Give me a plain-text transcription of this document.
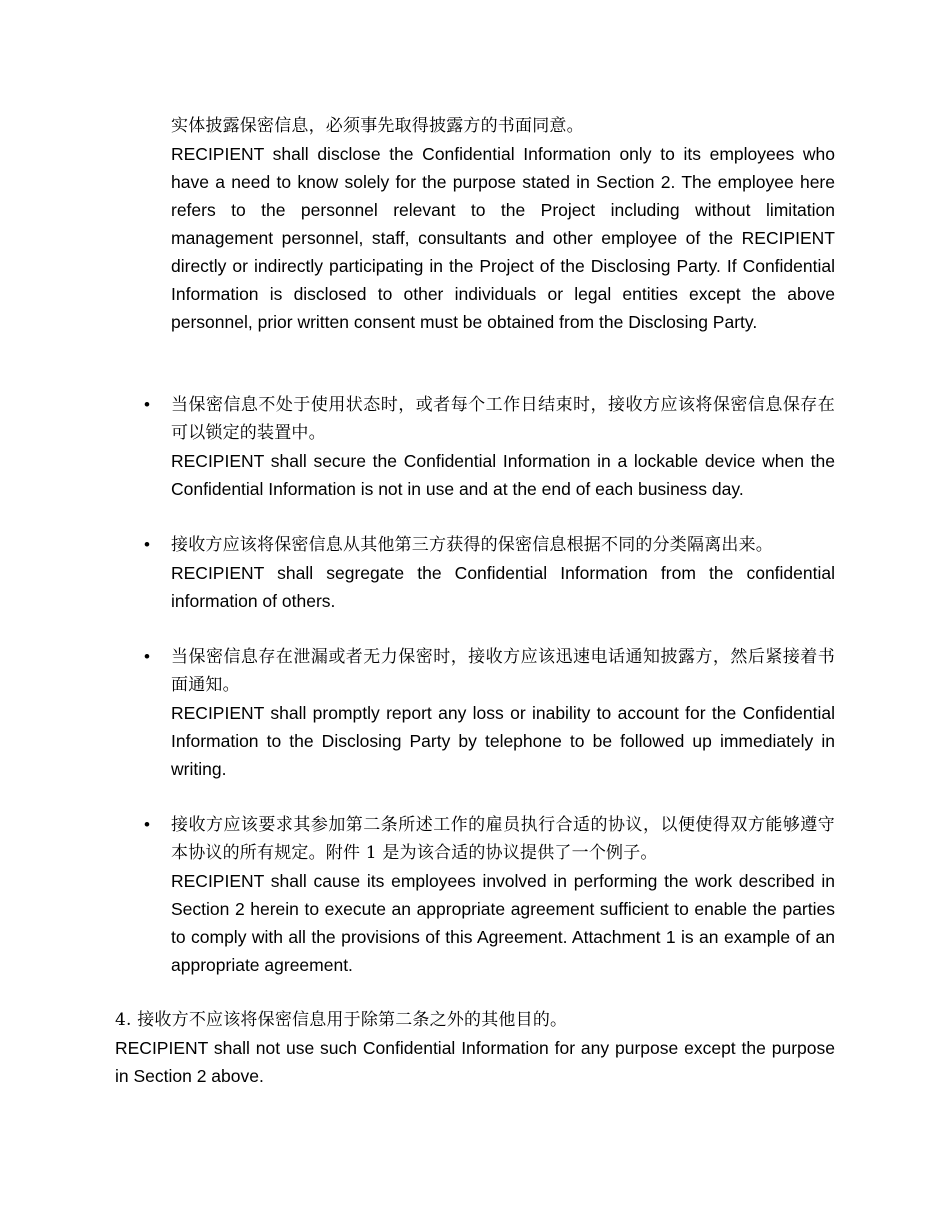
实体披露保密信息，必须事先取得披露方的书面同意。
RECIPIENT shall disclose the Confidential Information only to its employees who have a need to know solely for the purpose stated in Section 2. The employee here refers to the personnel relevant to the Project including without limitation management personnel, staff, consultants and other employee of the RECIPIENT directly or indirectly participating in the Project of the Disclosing Party. If Confidential Information is disclosed to other individuals or legal entities except the above personnel, prior written consent must be obtained from the Disclosing Party.
• 当保密信息不处于使用状态时，或者每个工作日结束时，接收方应该将保密信息保存在可以锁定的装置中。
RECIPIENT shall secure the Confidential Information in a lockable device when the Confidential Information is not in use and at the end of each business day.
• 接收方应该将保密信息从其他第三方获得的保密信息根据不同的分类隔离出来。
RECIPIENT shall segregate the Confidential Information from the confidential information of others.
• 当保密信息存在泄漏或者无力保密时，接收方应该迅速电话通知披露方，然后紧接着书面通知。
RECIPIENT shall promptly report any loss or inability to account for the Confidential Information to the Disclosing Party by telephone to be followed up immediately in writing.
• 接收方应该要求其参加第二条所述工作的雇员执行合适的协议，以便使得双方能够遵守本协议的所有规定。附件 1 是为该合适的协议提供了一个例子。
RECIPIENT shall cause its employees involved in performing the work described in Section 2 herein to execute an appropriate agreement sufficient to enable the parties to comply with all the provisions of this Agreement. Attachment 1 is an example of an appropriate agreement.
4. 接收方不应该将保密信息用于除第二条之外的其他目的。
RECIPIENT shall not use such Confidential Information for any purpose except the purpose in Section 2 above.
